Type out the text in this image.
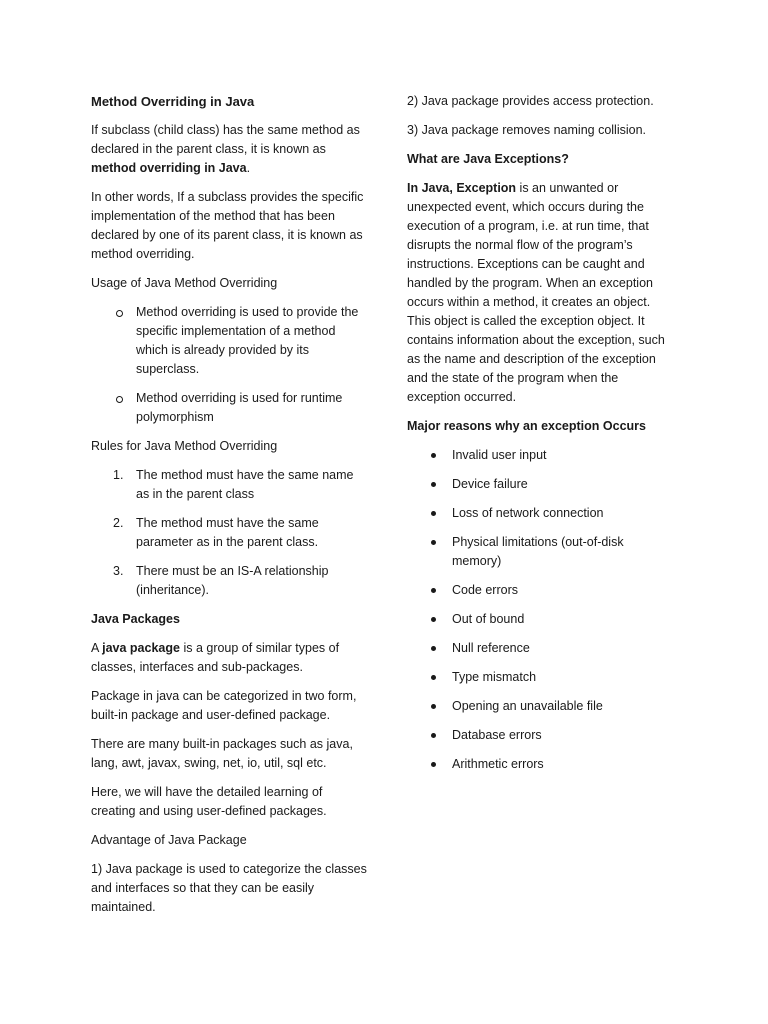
Method Overriding in Java

If subclass (child class) has the same method as declared in the parent class, it is known as method overriding in Java.

In other words, If a subclass provides the specific implementation of the method that has been declared by one of its parent class, it is known as method overriding.

Usage of Java Method Overriding

Method overriding is used to provide the specific implementation of a method which is already provided by its superclass.
Method overriding is used for runtime polymorphism

Rules for Java Method Overriding

1.	The method must have the same name as in the parent class
2.	The method must have the same parameter as in the parent class.
3.	There must be an IS-A relationship (inheritance).
Java Packages

A java package is a group of similar types of classes, interfaces and sub-packages.

Package in java can be categorized in two form, built-in package and user-defined package.

There are many built-in packages such as java, lang, awt, javax, swing, net, io, util, sql etc.

Here, we will have the detailed learning of creating and using user-defined packages.

Advantage of Java Package

1) Java package is used to categorize the classes and interfaces so that they can be easily maintained.

2) Java package provides access protection.

3) Java package removes naming collision.

What are Java Exceptions?

In Java, Exception is an unwanted or unexpected event, which occurs during the execution of a program, i.e. at run time, that disrupts the normal flow of the program’s instructions. Exceptions can be caught and handled by the program. When an exception occurs within a method, it creates an object. This object is called the exception object. It contains information about the exception, such as the name and description of the exception and the state of the program when the exception occurred.

Major reasons why an exception Occurs
Invalid user input
Device failure
Loss of network connection
Physical limitations (out-of-disk memory)
Code errors
Out of bound
Null reference
Type mismatch
Opening an unavailable file
Database errors
Arithmetic errors
